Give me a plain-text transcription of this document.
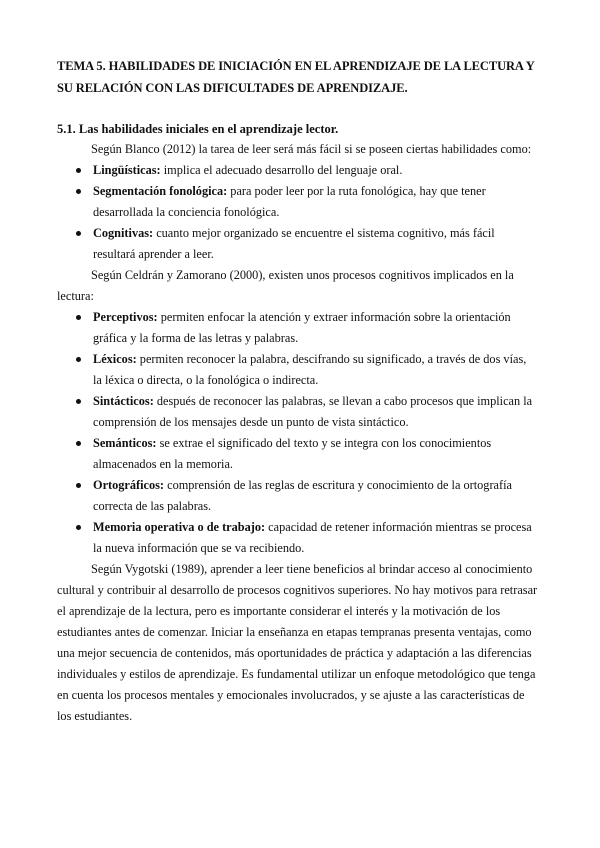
TEMA 5. HABILIDADES DE INICIACIÓN EN EL APRENDIZAJE DE LA LECTURA Y SU RELACIÓN CON LAS DIFICULTADES DE APRENDIZAJE.
5.1. Las habilidades iniciales en el aprendizaje lector.

Según Blanco (2012) la tarea de leer será más fácil si se poseen ciertas habilidades como:

Lingüísticas: implica el adecuado desarrollo del lenguaje oral.
Segmentación fonológica: para poder leer por la ruta fonológica, hay que tener desarrollada la conciencia fonológica.
Cognitivas: cuanto mejor organizado se encuentre el sistema cognitivo, más fácil resultará aprender a leer.

Según Celdrán y Zamorano (2000), existen unos procesos cognitivos implicados en la lectura:

Perceptivos: permiten enfocar la atención y extraer información sobre la orientación gráfica y la forma de las letras y palabras.
Léxicos: permiten reconocer la palabra, descifrando su significado, a través de dos vías, la léxica o directa, o la fonológica o indirecta.
Sintácticos: después de reconocer las palabras, se llevan a cabo procesos que implican la comprensión de los mensajes desde un punto de vista sintáctico.
Semánticos: se extrae el significado del texto y se integra con los conocimientos almacenados en la memoria.
Ortográficos: comprensión de las reglas de escritura y conocimiento de la ortografía correcta de las palabras.
Memoria operativa o de trabajo: capacidad de retener información mientras se procesa la nueva información que se va recibiendo.

Según Vygotski (1989), aprender a leer tiene beneficios al brindar acceso al conocimiento cultural y contribuir al desarrollo de procesos cognitivos superiores. No hay motivos para retrasar el aprendizaje de la lectura, pero es importante considerar el interés y la motivación de los estudiantes antes de comenzar. Iniciar la enseñanza en etapas tempranas presenta ventajas, como una mejor secuencia de contenidos, más oportunidades de práctica y adaptación a las diferencias individuales y estilos de aprendizaje. Es fundamental utilizar un enfoque metodológico que tenga en cuenta los procesos mentales y emocionales involucrados, y se ajuste a las características de los estudiantes.
